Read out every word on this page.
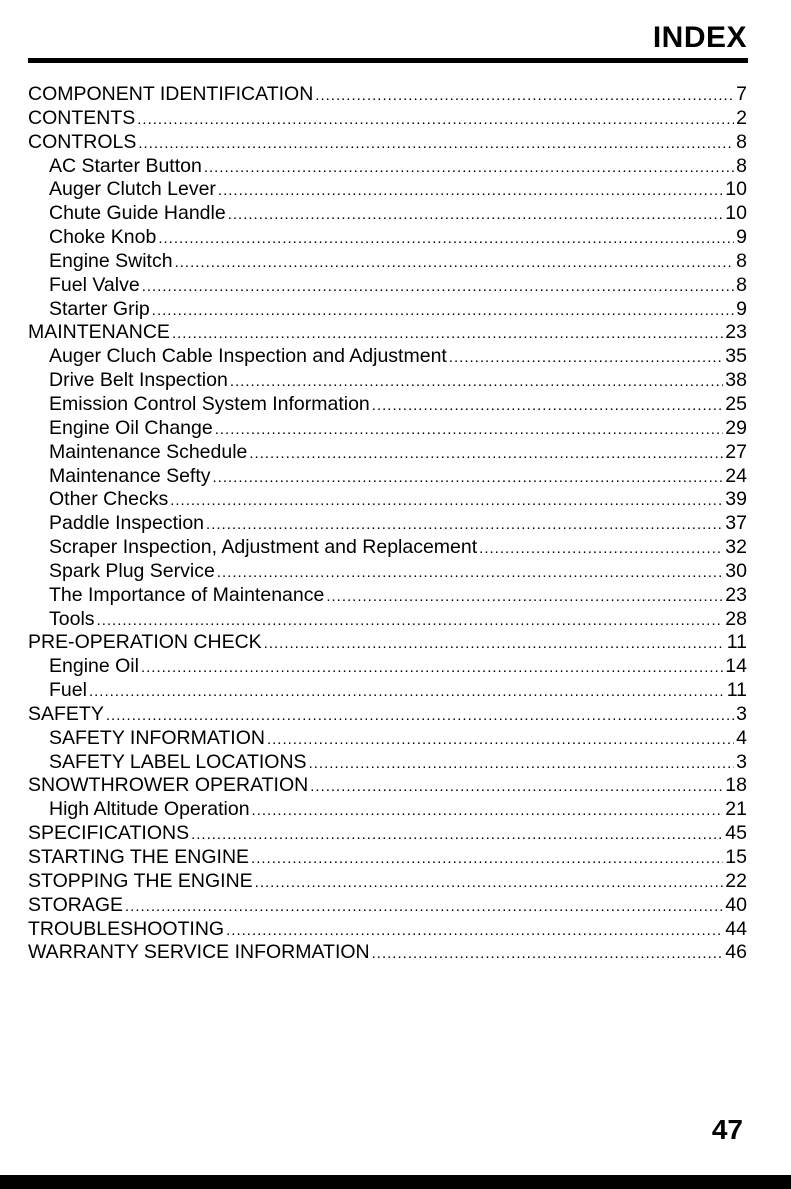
INDEX
COMPONENT IDENTIFICATION .....	7
CONTENTS .....	2
CONTROLS .....	8
AC Starter Button .....	8
Auger Clutch Lever .....	10
Chute Guide Handle .....	10
Choke Knob .....	9
Engine Switch .....	8
Fuel Valve .....	8
Starter Grip .....	9
MAINTENANCE .....	23
Auger Cluch Cable Inspection and Adjustment .....	35
Drive Belt Inspection .....	38
Emission Control System Information .....	25
Engine Oil Change .....	29
Maintenance Schedule .....	27
Maintenance Sefty .....	24
Other Checks .....	39
Paddle Inspection .....	37
Scraper Inspection, Adjustment and Replacement .....	32
Spark Plug Service .....	30
The Importance of Maintenance .....	23
Tools .....	28
PRE-OPERATION CHECK .....	11
Engine Oil .....	14
Fuel .....	11
SAFETY .....	3
SAFETY INFORMATION .....	4
SAFETY LABEL LOCATIONS .....	3
SNOWTHROWER OPERATION .....	18
High Altitude Operation .....	21
SPECIFICATIONS .....	45
STARTING THE ENGINE .....	15
STOPPING THE ENGINE .....	22
STORAGE .....	40
TROUBLESHOOTING .....	44
WARRANTY SERVICE INFORMATION .....	46
47
